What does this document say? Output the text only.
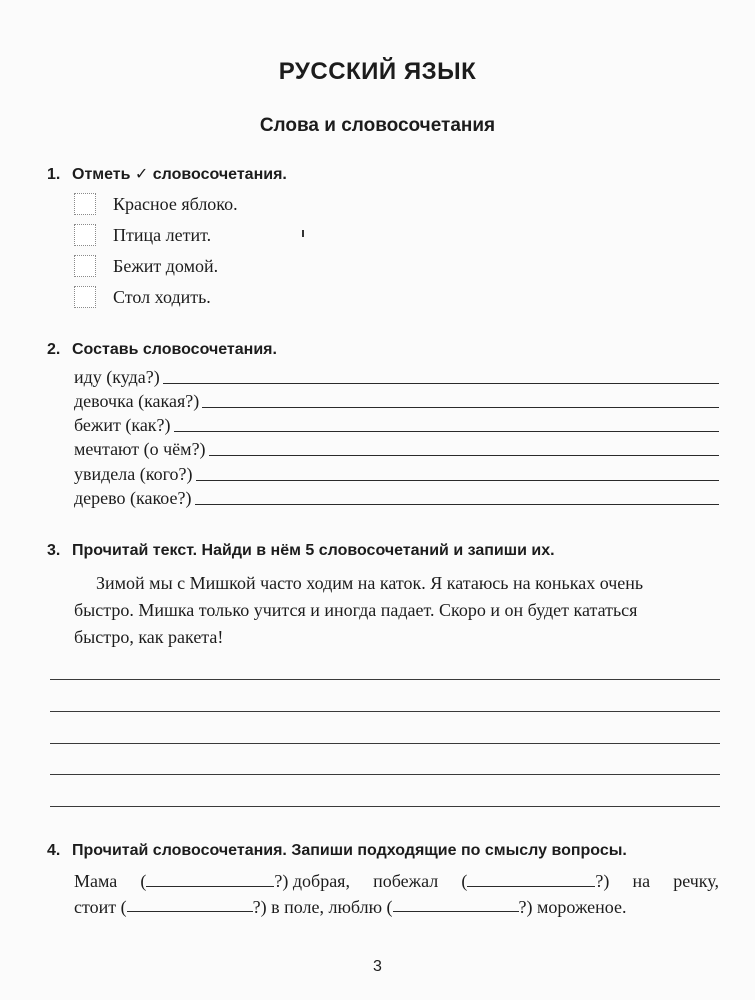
РУССКИЙ ЯЗЫК
Слова и словосочетания
1. Отметь ✓ словосочетания.
Красное яблоко.
Птица летит.
Бежит домой.
Стол ходить.
2. Составь словосочетания.
иду (куда?)
девочка (какая?)
бежит (как?)
мечтают (о чём?)
увидела (кого?)
дерево (какое?)
3. Прочитай текст. Найди в нём 5 словосочетаний и запиши их.
Зимой мы с Мишкой часто ходим на каток. Я катаюсь на коньках очень
быстро. Мишка только учится и иногда падает. Скоро и он будет кататься
быстро, как ракета!
4. Прочитай словосочетания. Запиши подходящие по смыслу вопросы.
Мама (	?) добрая, побежал (	?) на речку,
стоит (	?) в поле, люблю (	?) мороженое.
3
